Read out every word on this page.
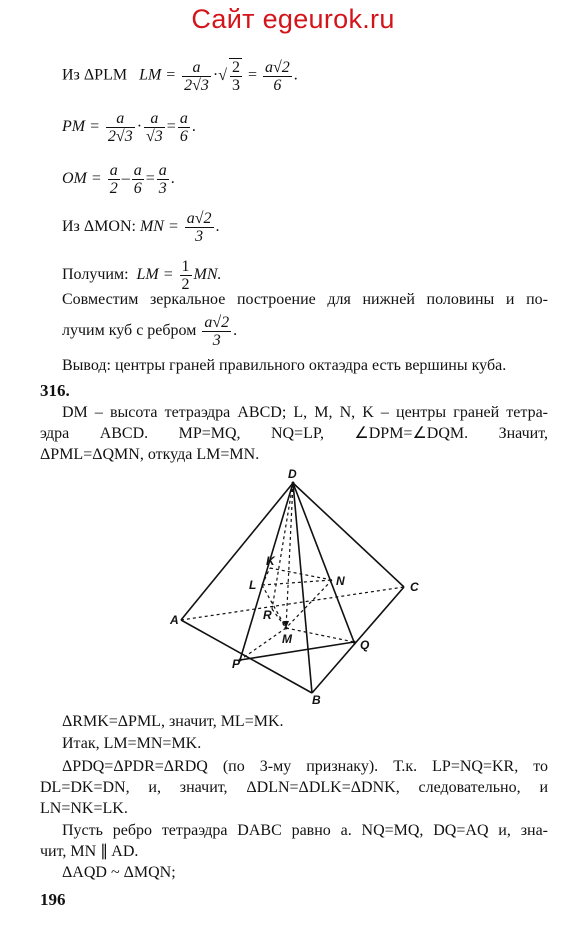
Сайт egeurok.ru
Из ΔPLM LM = $\frac{a}{2√3}$ ·√ $\frac{2}{3} = \frac{a√2}{6}$ .
PM = $\frac{a}{2√3} \cdot \frac{a}{√3} = \frac{a}{6}$ .
OM = $\frac{a}{2} - \frac{a}{6} = \frac{a}{3}$ .
Из ΔMON: MN = $\frac{a√2}{3}$ .
Получим: LM = $\frac{1}{2}$ MN.
Совместим зеркальное построение для нижней половины и по-
лучим куб с ребром $\frac{a√2}{3}$ .
Вывод: центры граней правильного октаэдра есть вершины куба.
316.
DM – высота тетраэдра ABCD; L, M, N, K – центры граней тетра-
эдра ABCD. MP=MQ, NQ=LP, ∠DPM=∠DQM. Значит,
ΔPML=ΔQMN, откуда LM=MN.
D
A
C
B
P
Q
K
L	N
R
M
ΔRMK=ΔPML, значит, ML=MK.
Итак, LM=MN=MK.
ΔPDQ=ΔPDR=ΔRDQ (по 3-му признаку). Т.к. LP=NQ=KR, то
DL=DK=DN, и, значит, ΔDLN=ΔDLK=ΔDNK, следовательно, и
LN=NK=LK.
Пусть ребро тетраэдра DABC равно a. NQ=MQ, DQ=AQ и, зна-
чит, MN ∥ AD.
ΔAQD ~ ΔMQN;
196
